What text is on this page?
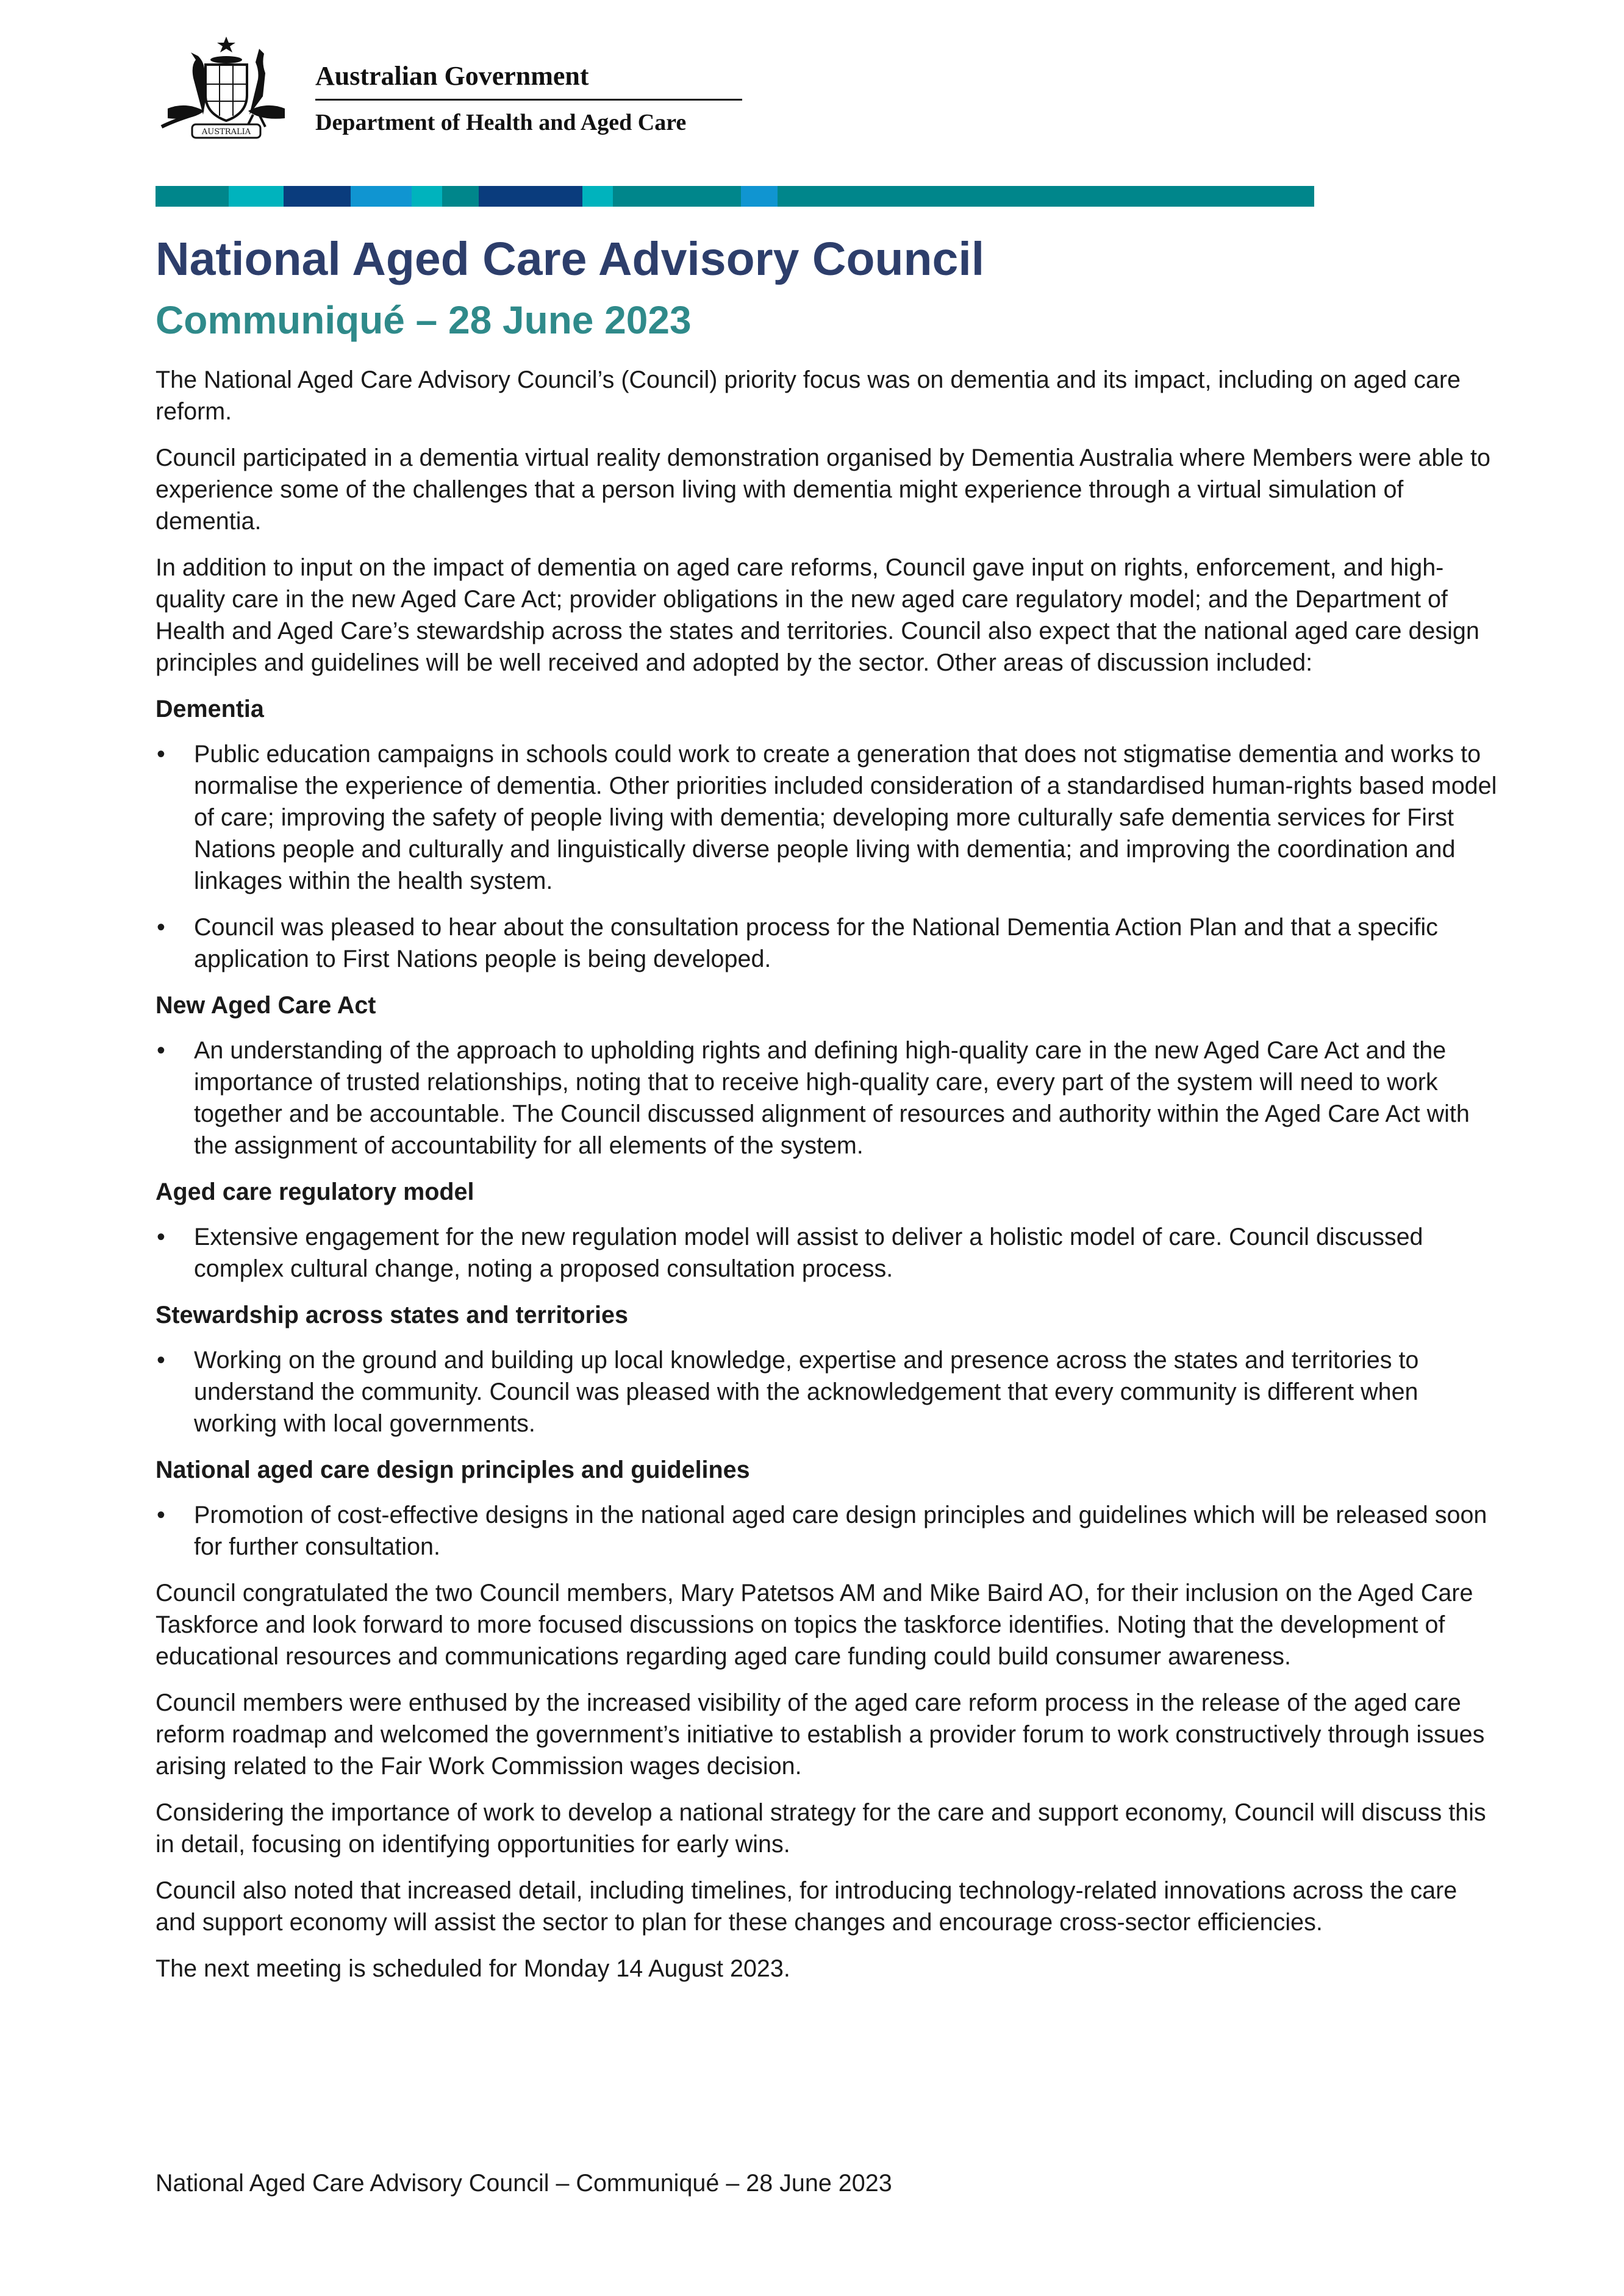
AUSTRALIA
Australian Government
Department of Health and Aged Care
National Aged Care Advisory Council
Communiqué – 28 June 2023

The National Aged Care Advisory Council’s (Council) priority focus was on dementia and its impact, including on aged care reform.

Council participated in a dementia virtual reality demonstration organised by Dementia Australia where Members were able to experience some of the challenges that a person living with dementia might experience through a virtual simulation of dementia.

In addition to input on the impact of dementia on aged care reforms, Council gave input on rights, enforcement, and high-quality care in the new Aged Care Act; provider obligations in the new aged care regulatory model; and the Department of Health and Aged Care’s stewardship across the states and territories. Council also expect that the national aged care design principles and guidelines will be well received and adopted by the sector. Other areas of discussion included:

Dementia
• Public education campaigns in schools could work to create a generation that does not stigmatise dementia and works to normalise the experience of dementia. Other priorities included consideration of a standardised human-rights based model of care; improving the safety of people living with dementia; developing more culturally safe dementia services for First Nations people and culturally and linguistically diverse people living with dementia; and improving the coordination and linkages within the health system.
• Council was pleased to hear about the consultation process for the National Dementia Action Plan and that a specific application to First Nations people is being developed.
New Aged Care Act
• An understanding of the approach to upholding rights and defining high-quality care in the new Aged Care Act and the importance of trusted relationships, noting that to receive high-quality care, every part of the system will need to work together and be accountable. The Council discussed alignment of resources and authority within the Aged Care Act with the assignment of accountability for all elements of the system.
Aged care regulatory model
• Extensive engagement for the new regulation model will assist to deliver a holistic model of care. Council discussed complex cultural change, noting a proposed consultation process.
Stewardship across states and territories
• Working on the ground and building up local knowledge, expertise and presence across the states and territories to understand the community. Council was pleased with the acknowledgement that every community is different when working with local governments.
National aged care design principles and guidelines
• Promotion of cost-effective designs in the national aged care design principles and guidelines which will be released soon for further consultation.

Council congratulated the two Council members, Mary Patetsos AM and Mike Baird AO, for their inclusion on the Aged Care Taskforce and look forward to more focused discussions on topics the taskforce identifies. Noting that the development of educational resources and communications regarding aged care funding could build consumer awareness.

Council members were enthused by the increased visibility of the aged care reform process in the release of the aged care reform roadmap and welcomed the government’s initiative to establish a provider forum to work constructively through issues arising related to the Fair Work Commission wages decision.

Considering the importance of work to develop a national strategy for the care and support economy, Council will discuss this in detail, focusing on identifying opportunities for early wins.

Council also noted that increased detail, including timelines, for introducing technology-related innovations across the care and support economy will assist the sector to plan for these changes and encourage cross-sector efficiencies.

The next meeting is scheduled for Monday 14 August 2023.

National Aged Care Advisory Council – Communiqué – 28 June 2023
